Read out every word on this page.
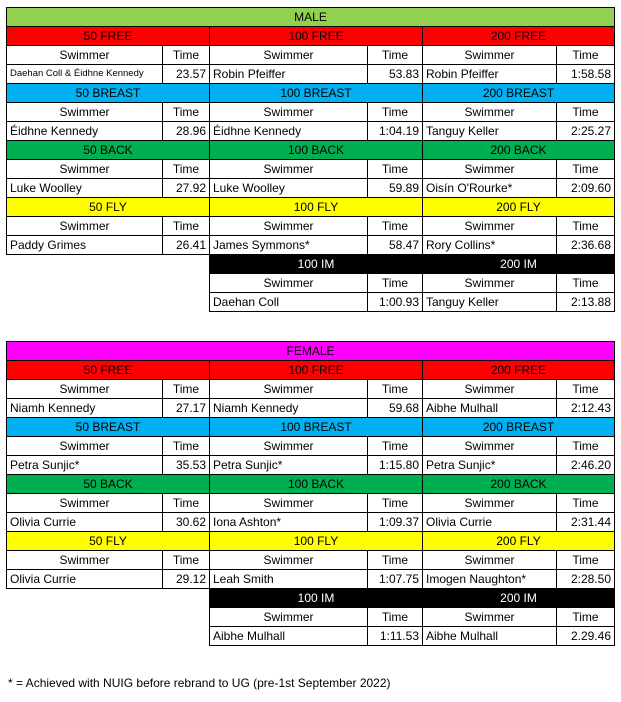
MALE					
50 FREE		100 FREE		200 FREE	
Swimmer	Time	Swimmer	Time	Swimmer	Time
Daehan Coll & Éidhne Kennedy	23.57	Robin Pfeiffer	53.83	Robin Pfeiffer	1:58.58
50 BREAST		100 BREAST		200 BREAST	
Swimmer	Time	Swimmer	Time	Swimmer	Time
Éidhne Kennedy	28.96	Éidhne Kennedy	1:04.19	Tanguy Keller	2:25.27
50 BACK		100 BACK		200 BACK	
Swimmer	Time	Swimmer	Time	Swimmer	Time
Luke Woolley	27.92	Luke Woolley	59.89	Oisín O'Rourke*	2:09.60
50 FLY		100 FLY		200 FLY	
Swimmer	Time	Swimmer	Time	Swimmer	Time
Paddy Grimes	26.41	James Symmons*	58.47	Rory Collins*	2:36.68
		100 IM		200 IM	
		Swimmer	Time	Swimmer	Time
		Daehan Coll	1:00.93	Tanguy Keller	2:13.88
FEMALE					
50 FREE		100 FREE		200 FREE	
Swimmer	Time	Swimmer	Time	Swimmer	Time
Niamh Kennedy	27.17	Niamh Kennedy	59.68	Aibhe Mulhall	2:12.43
50 BREAST		100 BREAST		200 BREAST	
Swimmer	Time	Swimmer	Time	Swimmer	Time
Petra Sunjic*	35.53	Petra Sunjic*	1:15.80	Petra Sunjic*	2:46.20
50 BACK		100 BACK		200 BACK	
Swimmer	Time	Swimmer	Time	Swimmer	Time
Olivia Currie	30.62	Iona Ashton*	1:09.37	Olivia Currie	2:31.44
50 FLY		100 FLY		200 FLY	
Swimmer	Time	Swimmer	Time	Swimmer	Time
Olivia Currie	29.12	Leah Smith	1:07.75	Imogen Naughton*	2:28.50
		100 IM		200 IM	
		Swimmer	Time	Swimmer	Time
		Aibhe Mulhall	1:11.53	Aibhe Mulhall	2.29.46
* = Achieved with NUIG before rebrand to UG (pre-1st September 2022)
